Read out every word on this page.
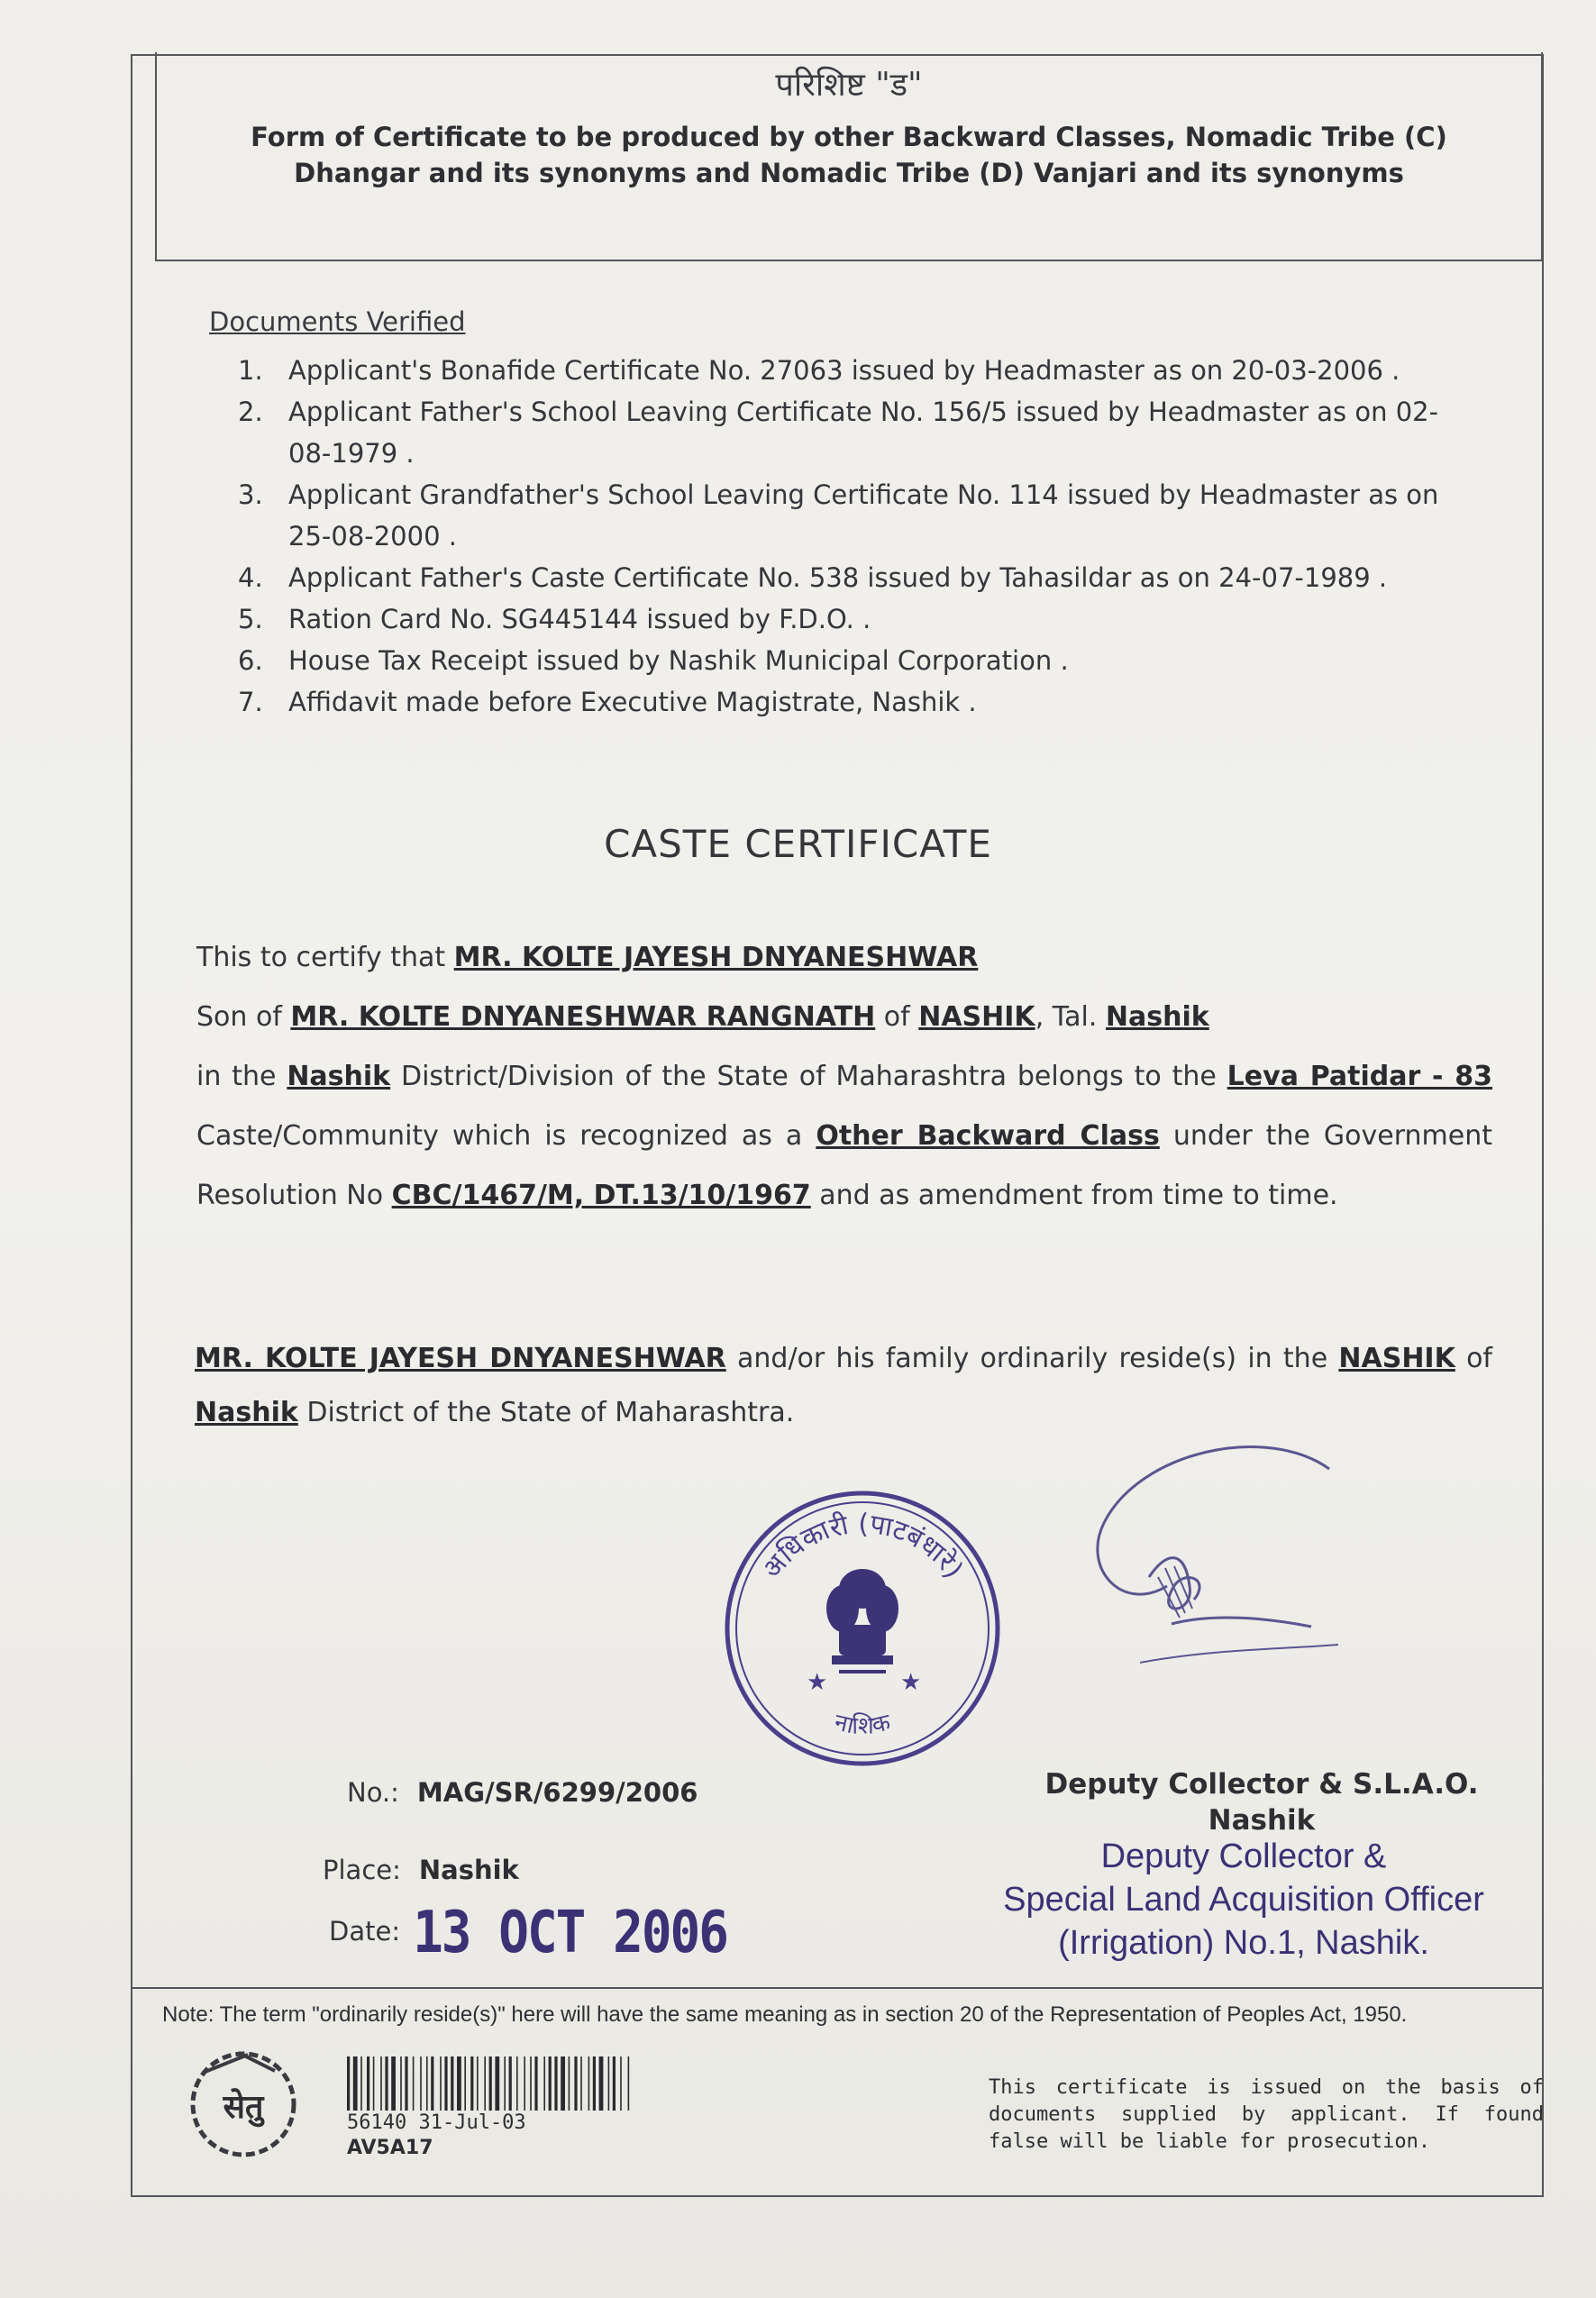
परिशिष्ट "ड"
Form of Certificate to be produced by other Backward Classes, Nomadic Tribe (C)
Dhangar and its synonyms and Nomadic Tribe (D) Vanjari and its synonyms
Documents Verified
1. Applicant's Bonafide Certificate No. 27063 issued by Headmaster as on 20-03-2006 .
2. Applicant Father's School Leaving Certificate No. 156/5 issued by Headmaster as on 02-08-1979 .
3. Applicant Grandfather's School Leaving Certificate No. 114 issued by Headmaster as on 25-08-2000 .
4. Applicant Father's Caste Certificate No. 538 issued by Tahasildar as on 24-07-1989 .
5. Ration Card No. SG445144 issued by F.D.O. .
6. House Tax Receipt issued by Nashik Municipal Corporation .
7. Affidavit made before Executive Magistrate, Nashik .
CASTE CERTIFICATE
This to certify that MR. KOLTE JAYESH DNYANESHWAR
Son of MR. KOLTE DNYANESHWAR RANGNATH of NASHIK, Tal. Nashik
in the Nashik District/Division of the State of Maharashtra belongs to the Leva Patidar - 83 Caste/Community which is recognized as a Other Backward Class under the Government Resolution No CBC/1467/M, DT.13/10/1967 and as amendment from time to time.
MR. KOLTE JAYESH DNYANESHWAR and/or his family ordinarily reside(s) in the NASHIK of Nashik District of the State of Maharashtra.
अधिकारी (पाटबंधारे)
नाशिक
★	★
No.: MAG/SR/6299/2006
Place: Nashik
Date: 13 OCT 2006
Deputy Collector & S.L.A.O.
Nashik
Deputy Collector &
Special Land Acquisition Officer
(Irrigation) No.1, Nashik.
Note: The term "ordinarily reside(s)" here will have the same meaning as in section 20 of the Representation of Peoples Act, 1950.
सेतु	56140 31-Jul-03
AV5A17
This certificate is issued on the basis of documents supplied by applicant. If found false will be liable for prosecution.
